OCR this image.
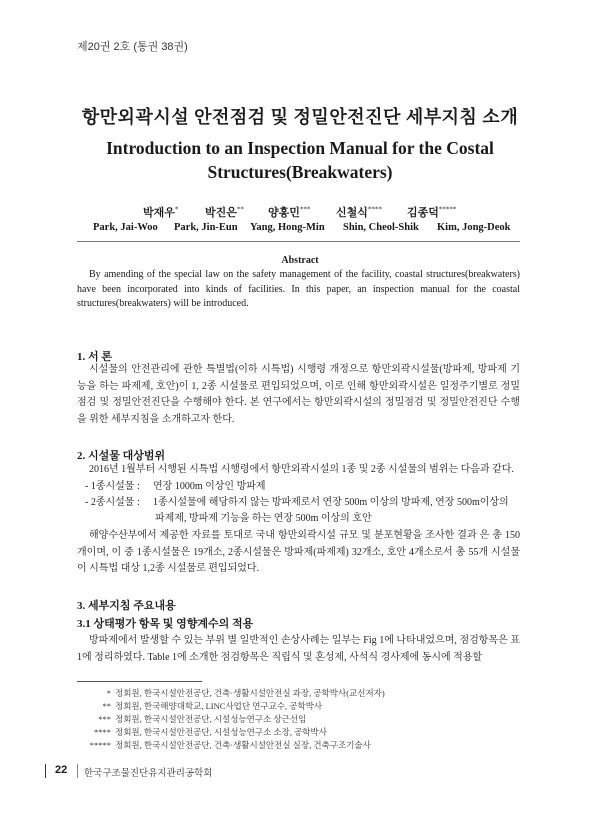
제20권 2호 (통권 38권)
항만외곽시설 안전점검 및 정밀안전진단 세부지침 소개
Introduction to an Inspection Manual for the Costal Structures(Breakwaters)
박재우* 박진은** 양홍민*** 신철식**** 김종덕*****
Park, Jai-Woo Park, Jin-Eun Yang, Hong-Min Shin, Cheol-Shik Kim, Jong-Deok
Abstract

By amending of the special law on the safety management of the facility, coastal structures(breakwaters) have been incorporated into kinds of facilities. In this paper, an inspection manual for the coastal structures(breakwaters) will be introduced.

1. 서 론

시설물의 안전관리에 관한 특별법(이하 시특법) 시행령 개정으로 항만외곽시설물(방파제, 방파제 기능을 하는 파제제, 호안)이 1, 2종 시설물로 편입되었으며, 이로 인해 항만외곽시설은 일정주기별로 정밀점검 및 정밀안전진단을 수행해야 한다. 본 연구에서는 항만외곽시설의 정밀점검 및 정밀안전진단 수행을 위한 세부지침을 소개하고자 한다.

2. 시설물 대상범위

2016년 1월부터 시행된 시특법 시행령에서 항만외곽시설의 1종 및 2종 시설물의 범위는 다음과 같다.

- 1종시설물 : 연장 1000m 이상인 방파제

- 2종시설물 : 1종시설물에 해당하지 않는 방파제로서 연장 500m 이상의 방파제, 연장 500m이상의

파제제, 방파제 기능을 하는 연장 500m 이상의 호안

해양수산부에서 제공한 자료를 토대로 국내 항만외곽시설 규모 및 분포현황을 조사한 결과 은 총 150개이며, 이 중 1종시설물은 19개소, 2종시설물은 방파제(파제제) 32개소, 호안 4개소로서 총 55개 시설물이 시특법 대상 1,2종 시설물로 편입되었다.

3. 세부지침 주요내용
3.1 상태평가 항목 및 영향계수의 적용

방파제에서 발생할 수 있는 부위 별 일반적인 손상사례는 일부는 Fig 1에 나타내었으며, 점검항목은 표 1에 정리하였다. Table 1에 소개한 점검항목은 직립식 및 혼성제, 사석식 경사제에 동시에 적용할

* 정회원, 한국시설안전공단, 건축·생활시설안전실 과장, 공학박사(교신저자)
** 정회원, 한국해양대학교, LINC사업단 연구교수, 공학박사
*** 정회원, 한국시설안전공단, 시설성능연구소 상근선임
**** 정회원, 한국시설안전공단, 시설성능연구소 소장, 공학박사
***** 정회원, 한국시설안전공단, 건축·생활시설안전실 실장, 건축구조기술사
22 한국구조물진단유지관리공학회
